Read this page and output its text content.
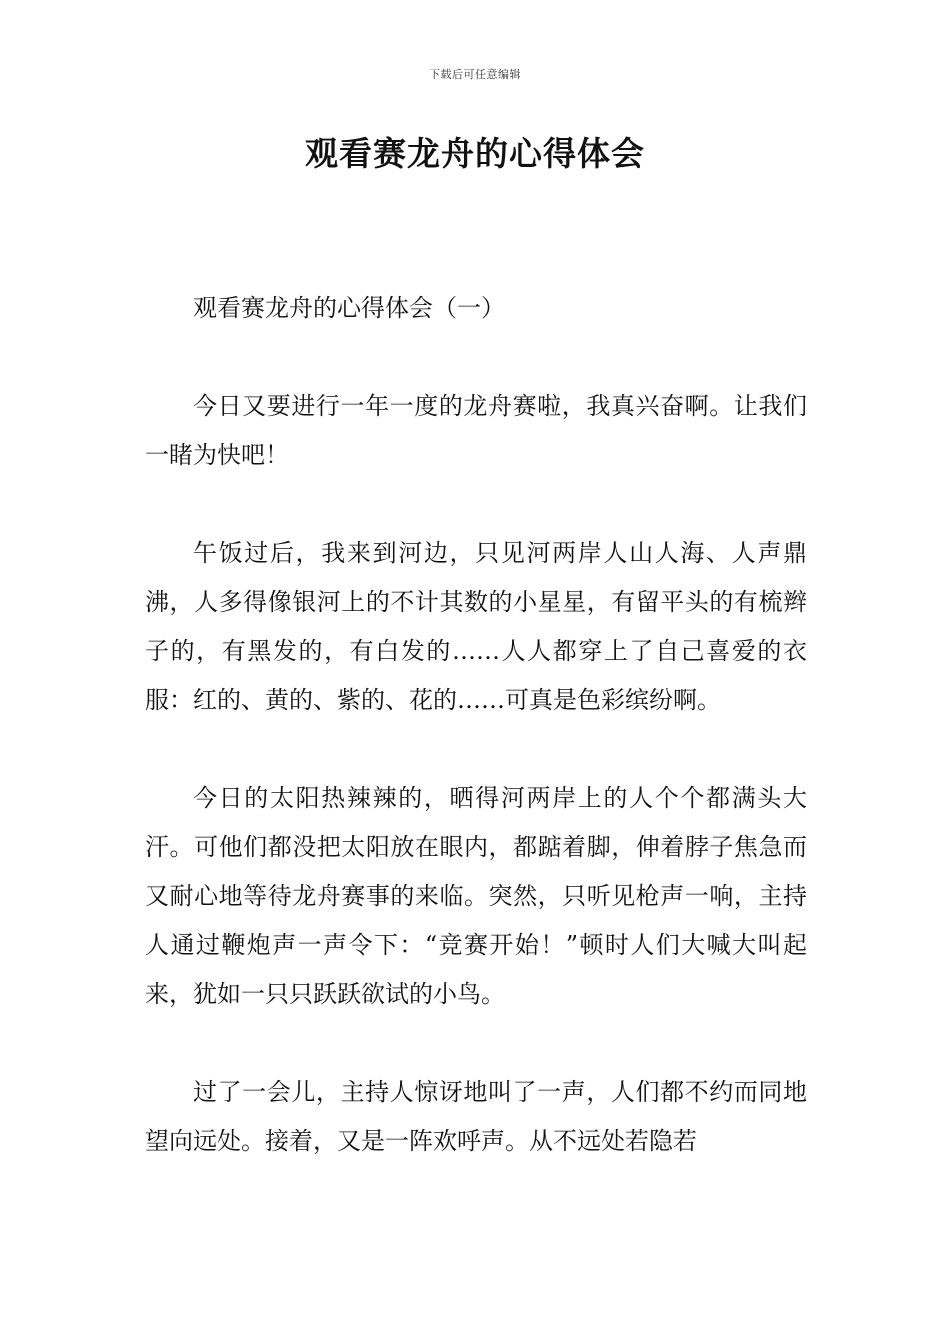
下载后可任意编辑
观看赛龙舟的心得体会

观看赛龙舟的心得体会（一）

今日又要进行一年一度的龙舟赛啦，我真兴奋啊。让我们一睹为快吧！

午饭过后，我来到河边，只见河两岸人山人海、人声鼎沸，人多得像银河上的不计其数的小星星，有留平头的有梳辫子的，有黑发的，有白发的……人人都穿上了自己喜爱的衣服：红的、黄的、紫的、花的……可真是色彩缤纷啊。

今日的太阳热辣辣的，晒得河两岸上的人个个都满头大汗。可他们都没把太阳放在眼内，都踮着脚，伸着脖子焦急而又耐心地等待龙舟赛事的来临。突然，只听见枪声一响，主持人通过鞭炮声一声令下：“竞赛开始！”顿时人们大喊大叫起来，犹如一只只跃跃欲试的小鸟。

过了一会儿，主持人惊讶地叫了一声，人们都不约而同地望向远处。接着，又是一阵欢呼声。从不远处若隐若
